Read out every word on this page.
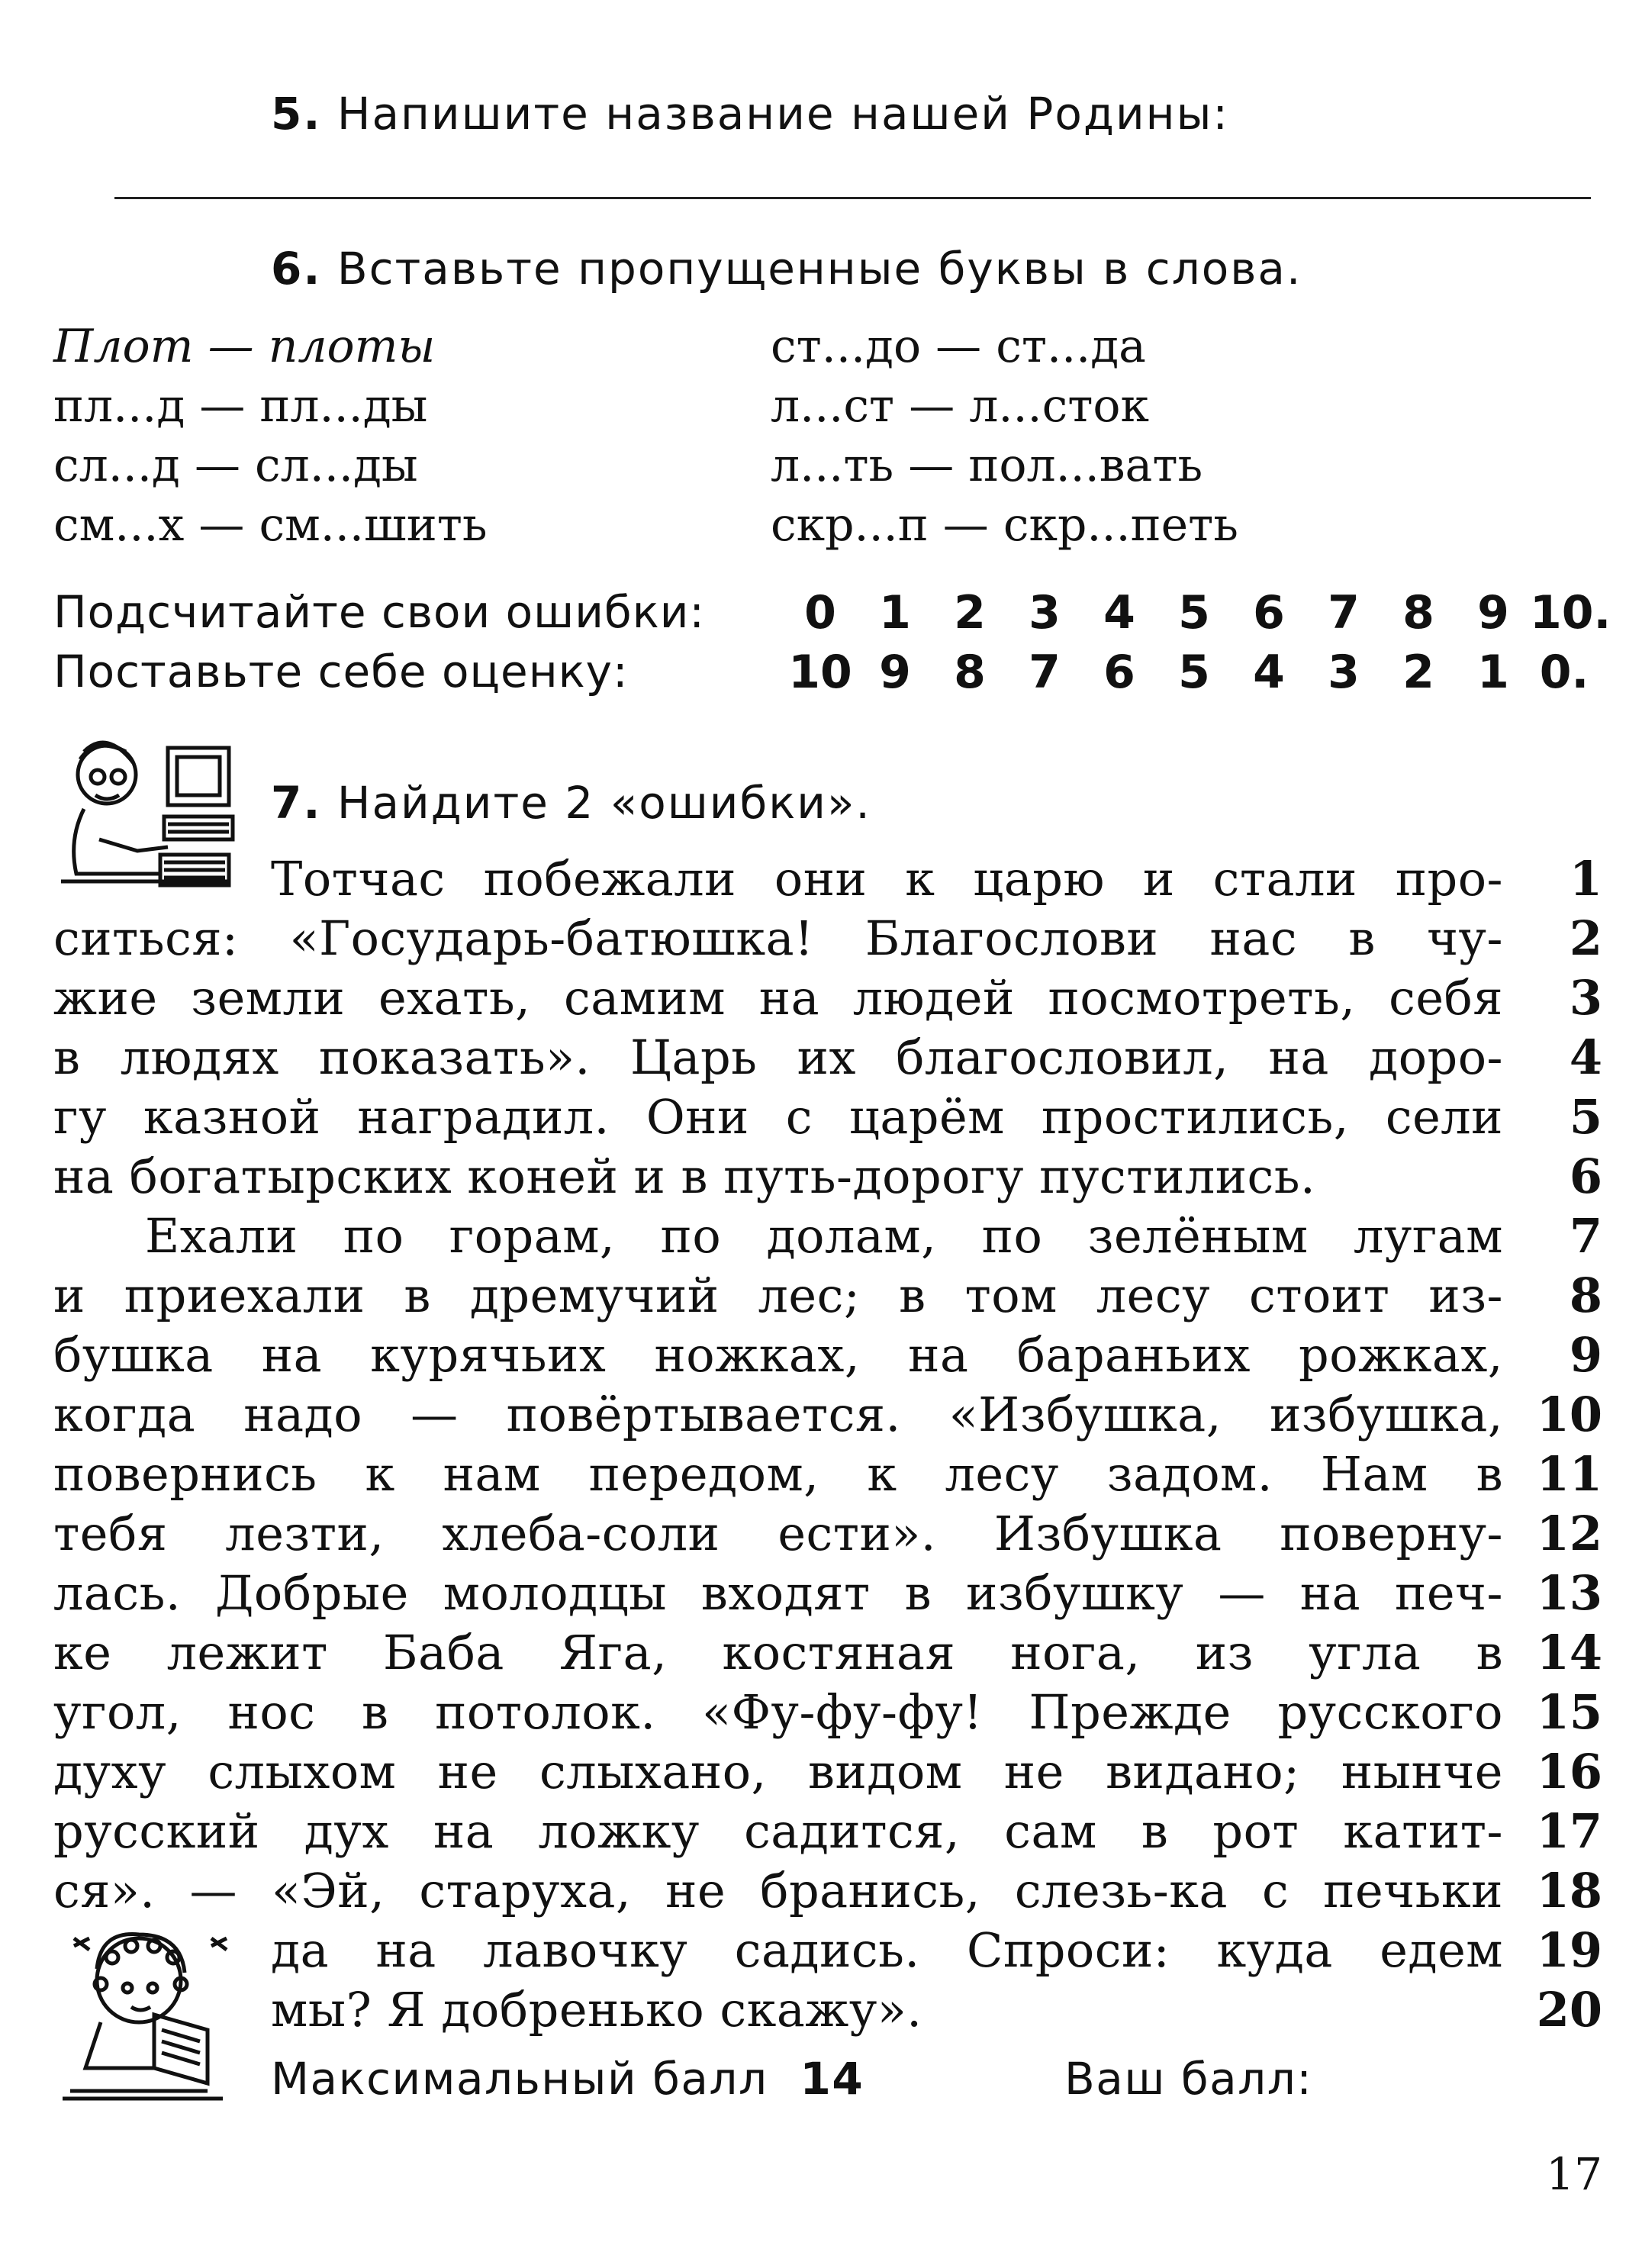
5. Напишите название нашей Родины:
6. Вставьте пропущенные буквы в слова.
Плот — плоты
пл...д — пл...ды
сл...д — сл...ды
см...х — см...шить
ст...до — ст...да
л...ст — л...сток
л...ть — пол...вать
скр...п — скр...петь
Подсчитайте свои ошибки:	0 1 2 3 4 5 6 7 8 9 10.
Поставьте себе оценку:	10 9 8 7 6 5 4 3 2 1 0.
7. Найдите 2 «ошибки».
Тотчас побежали они к царю и стали про-	1
ситься: «Государь-батюшка! Благослови нас в чу-	2
жие земли ехать, самим на людей посмотреть, себя	3
в людях показать». Царь их благословил, на доро-	4
гу казной наградил. Они с царём простились, сели	5
на богатырских коней и в путь-дорогу пустились.	6
Ехали по горам, по долам, по зелёным лугам	7
и приехали в дремучий лес; в том лесу стоит из-	8
бушка на курячьих ножках, на бараньих рожках,	9
когда надо — повёртывается. «Избушка, избушка, 10
повернись к нам передом, к лесу задом. Нам в 11
тебя лезти, хлеба-соли ести». Избушка поверну- 12
лась. Добрые молодцы входят в избушку — на печ- 13
ке лежит Баба Яга, костяная нога, из угла в 14
угол, нос в потолок. «Фу-фу-фу! Прежде русского 15
духу слыхом не слыхано, видом не видано; нынче 16
русский дух на ложку садится, сам в рот катит- 17
ся». — «Эй, старуха, не бранись, слезь-ка с печьки 18
да на лавочку садись. Спроси: куда едем 19
мы? Я добренько скажу».	20
Максимальный балл 14	Ваш балл:
17
